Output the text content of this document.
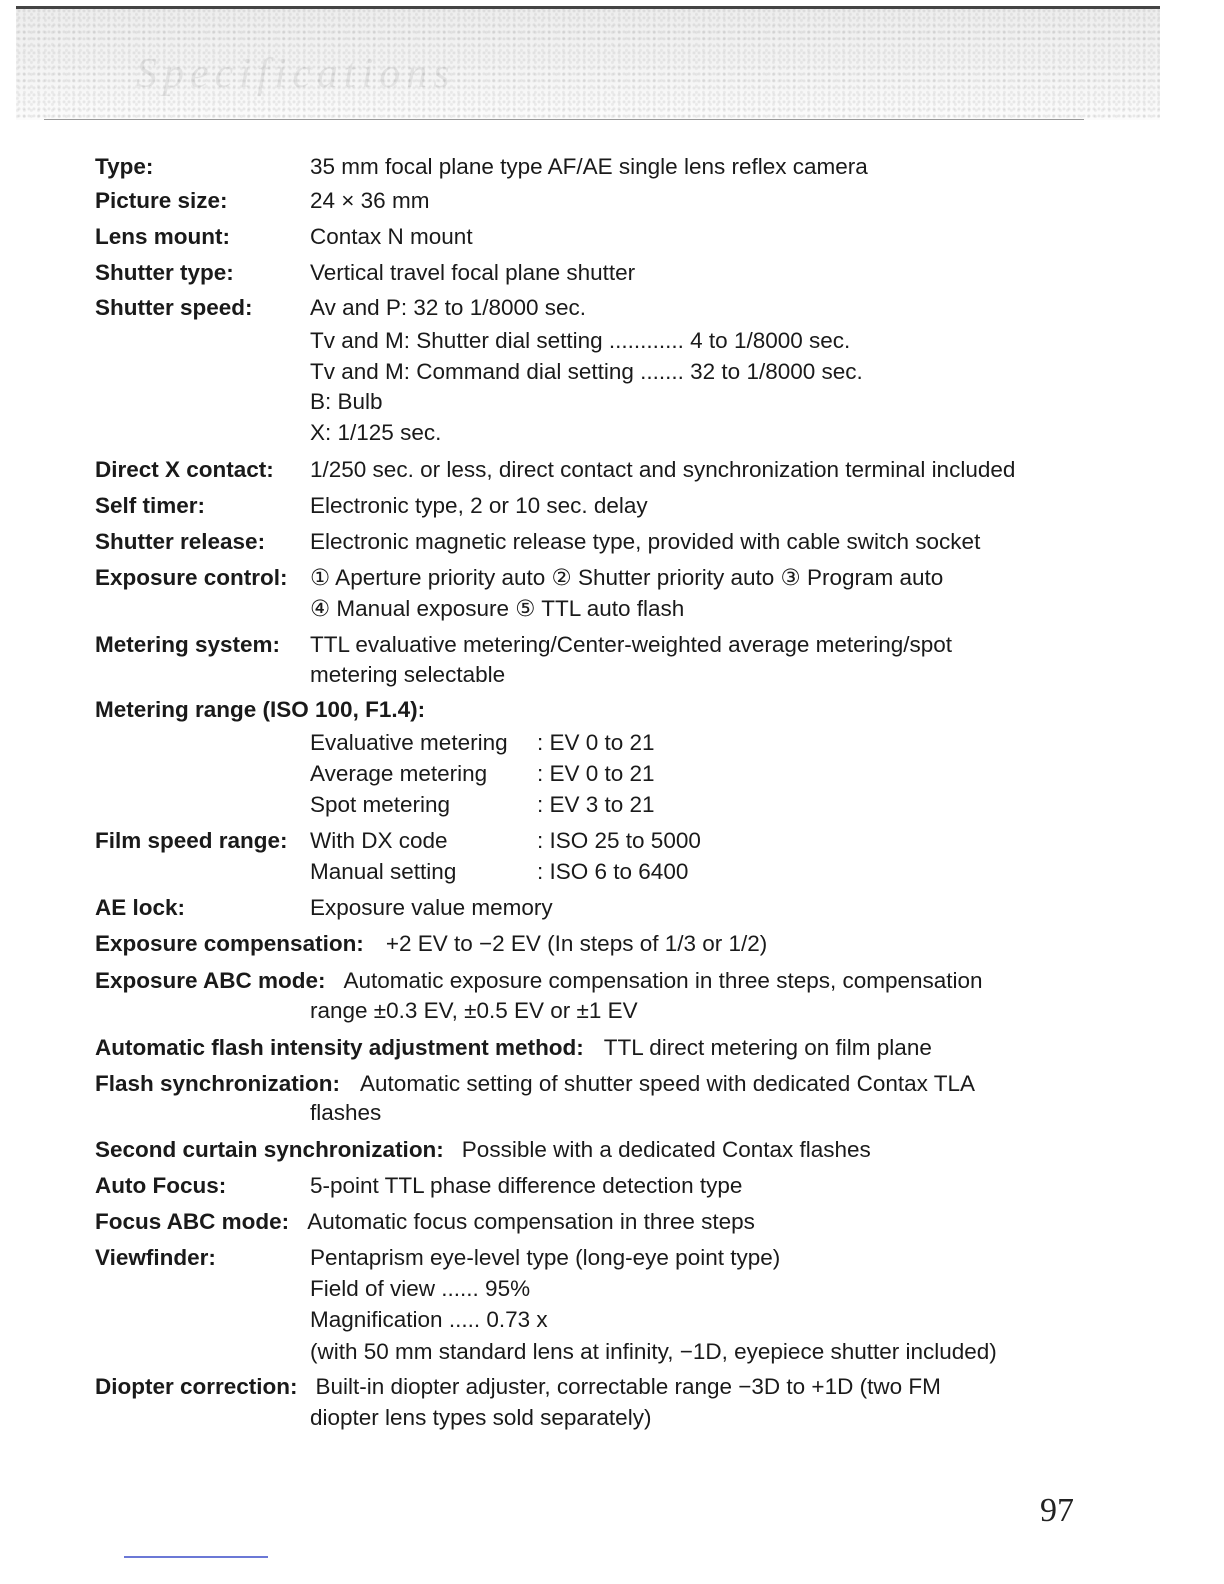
Specifications
Type:	35 mm focal plane type AF/AE single lens reflex camera
Picture size:	24 × 36 mm
Lens mount:	Contax N mount
Shutter type:	Vertical travel focal plane shutter
Shutter speed:	Av and P: 32 to 1/8000 sec.
Tv and M: Shutter dial setting ............ 4 to 1/8000 sec.
Tv and M: Command dial setting ....... 32 to 1/8000 sec.
B: Bulb
X: 1/125 sec.
Direct X contact: 1/250 sec. or less, direct contact and synchronization terminal included
Self timer:	Electronic type, 2 or 10 sec. delay
Shutter release: Electronic magnetic release type, provided with cable switch socket
Exposure control: ① Aperture priority auto ② Shutter priority auto ③ Program auto
④ Manual exposure ⑤ TTL auto flash
Metering system: TTL evaluative metering/Center-weighted average metering/spot
metering selectable
Metering range (ISO 100, F1.4):
Evaluative metering : EV 0 to 21
Average metering : EV 0 to 21
Spot metering	: EV 3 to 21
Film speed range: With DX code	: ISO 25 to 5000
Manual setting	: ISO 6 to 6400
AE lock:	Exposure value memory
Exposure compensation: +2 EV to −2 EV (In steps of 1/3 or 1/2)
Exposure ABC mode: Automatic exposure compensation in three steps, compensation
range ±0.3 EV, ±0.5 EV or ±1 EV
Automatic flash intensity adjustment method: TTL direct metering on film plane
Flash synchronization: Automatic setting of shutter speed with dedicated Contax TLA
flashes
Second curtain synchronization: Possible with a dedicated Contax flashes
Auto Focus:	5-point TTL phase difference detection type
Focus ABC mode: Automatic focus compensation in three steps
Viewfinder:	Pentaprism eye-level type (long-eye point type)
Field of view ...... 95%
Magnification ..... 0.73 x
(with 50 mm standard lens at infinity, −1D, eyepiece shutter included)
Diopter correction: Built-in diopter adjuster, correctable range −3D to +1D (two FM
diopter lens types sold separately)
97
